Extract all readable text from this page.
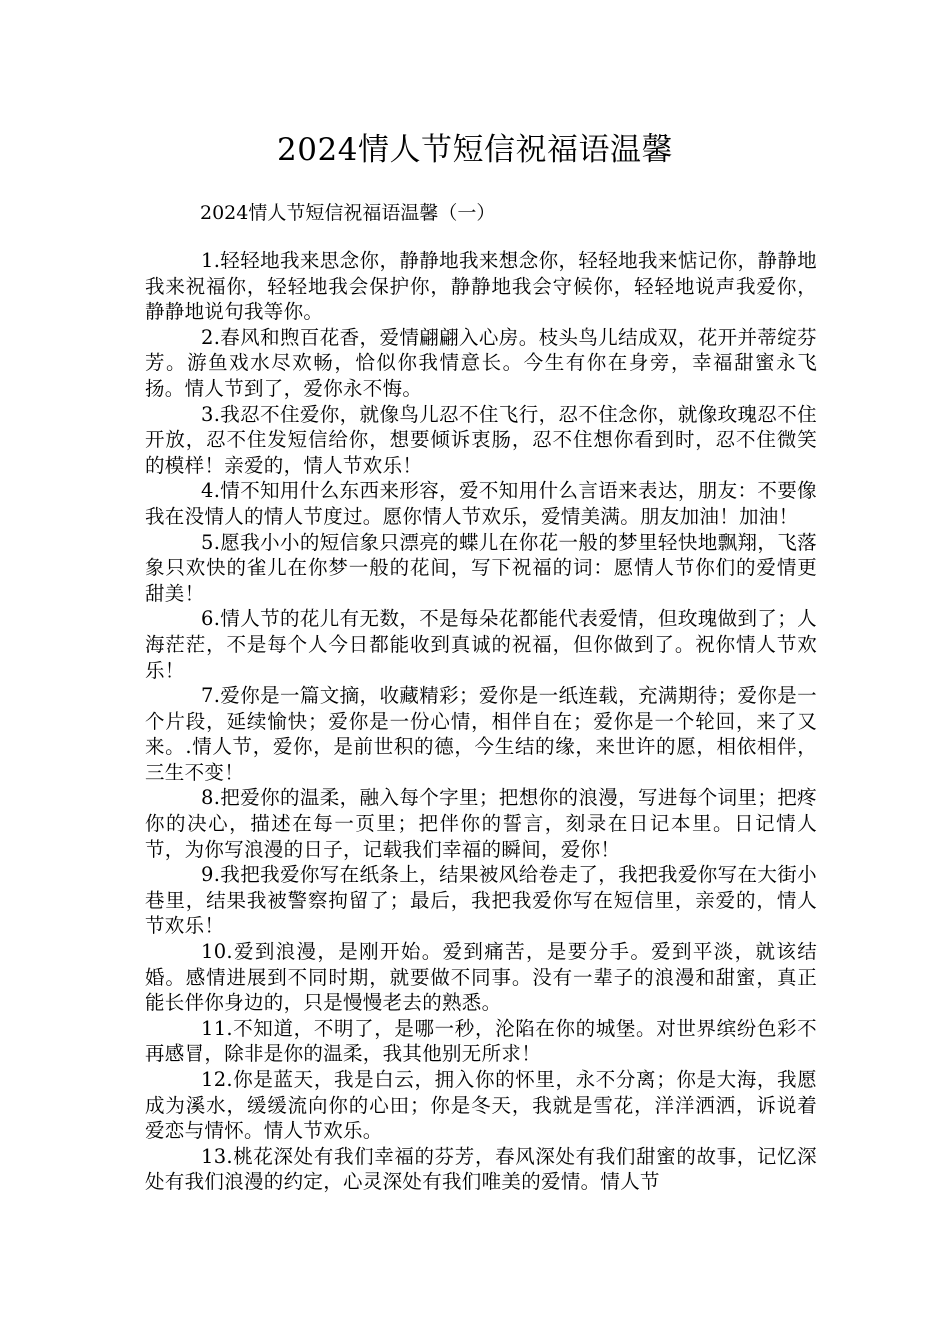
2024情人节短信祝福语温馨
2024情人节短信祝福语温馨（一）

1.轻轻地我来思念你，静静地我来想念你，轻轻地我来惦记你，静静地我来祝福你，轻轻地我会保护你，静静地我会守候你，轻轻地说声我爱你，静静地说句我等你。

2.春风和煦百花香，爱情翩翩入心房。枝头鸟儿结成双，花开并蒂绽芬芳。游鱼戏水尽欢畅，恰似你我情意长。今生有你在身旁，幸福甜蜜永飞扬。情人节到了，爱你永不悔。

3.我忍不住爱你，就像鸟儿忍不住飞行，忍不住念你，就像玫瑰忍不住开放，忍不住发短信给你，想要倾诉衷肠，忍不住想你看到时，忍不住微笑的模样！亲爱的，情人节欢乐！

4.情不知用什么东西来形容，爱不知用什么言语来表达，朋友：不要像我在没情人的情人节度过。愿你情人节欢乐，爱情美满。朋友加油！加油！

5.愿我小小的短信象只漂亮的蝶儿在你花一般的梦里轻快地飘翔，飞落象只欢快的雀儿在你梦一般的花间，写下祝福的词：愿情人节你们的爱情更甜美！

6.情人节的花儿有无数，不是每朵花都能代表爱情，但玫瑰做到了；人海茫茫，不是每个人今日都能收到真诚的祝福，但你做到了。祝你情人节欢乐！

7.爱你是一篇文摘，收藏精彩；爱你是一纸连载，充满期待；爱你是一个片段，延续愉快；爱你是一份心情，相伴自在；爱你是一个轮回，来了又来。.情人节，爱你，是前世积的德，今生结的缘，来世许的愿，相依相伴，三生不变！

8.把爱你的温柔，融入每个字里；把想你的浪漫，写进每个词里；把疼你的决心，描述在每一页里；把伴你的誓言，刻录在日记本里。日记情人节，为你写浪漫的日子，记载我们幸福的瞬间，爱你！

9.我把我爱你写在纸条上，结果被风给卷走了，我把我爱你写在大街小巷里，结果我被警察拘留了；最后，我把我爱你写在短信里，亲爱的，情人节欢乐！

10.爱到浪漫，是刚开始。爱到痛苦，是要分手。爱到平淡，就该结婚。感情进展到不同时期，就要做不同事。没有一辈子的浪漫和甜蜜，真正能长伴你身边的，只是慢慢老去的熟悉。

11.不知道，不明了，是哪一秒，沦陷在你的城堡。对世界缤纷色彩不再感冒，除非是你的温柔，我其他别无所求！

12.你是蓝天，我是白云，拥入你的怀里，永不分离；你是大海，我愿成为溪水，缓缓流向你的心田；你是冬天，我就是雪花，洋洋洒洒，诉说着爱恋与情怀。情人节欢乐。

13.桃花深处有我们幸福的芬芳，春风深处有我们甜蜜的故事，记忆深处有我们浪漫的约定，心灵深处有我们唯美的爱情。情人节
